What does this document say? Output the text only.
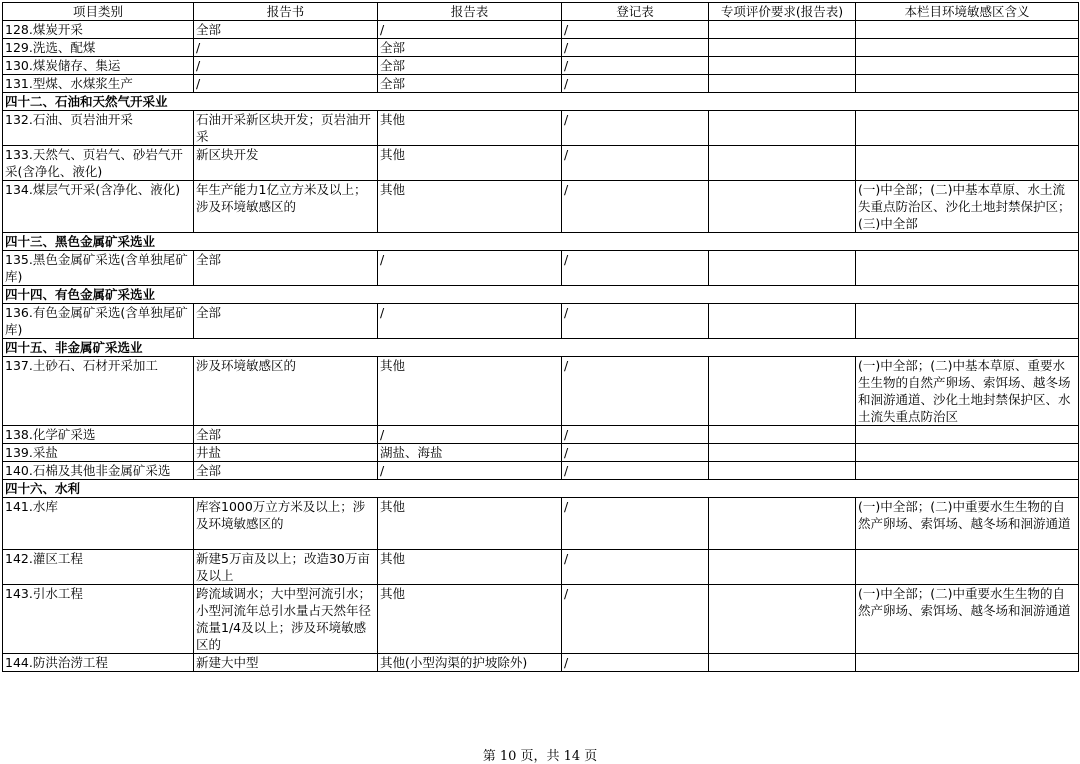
项目类别	报告书	报告表	登记表	专项评价要求(报告表)	本栏目环境敏感区含义
128.煤炭开采	全部	/	/		
129.洗选、配煤	/	全部	/		
130.煤炭储存、集运	/	全部	/		
131.型煤、水煤浆生产	/	全部	/		
四十二、石油和天然气开采业					
132.石油、页岩油开采	石油开采新区块开发；页岩油开采	其他	/		
133.天然气、页岩气、砂岩气开采(含净化、液化)	新区块开发	其他	/		
134.煤层气开采(含净化、液化)	年生产能力1亿立方米及以上；涉及环境敏感区的	其他	/		(一)中全部；(二)中基本草原、水土流失重点防治区、沙化土地封禁保护区；(三)中全部
四十三、黑色金属矿采选业					
135.黑色金属矿采选(含单独尾矿库)	全部	/	/		
四十四、有色金属矿采选业					
136.有色金属矿采选(含单独尾矿库)	全部	/	/		
四十五、非金属矿采选业					
137.土砂石、石材开采加工	涉及环境敏感区的	其他	/		(一)中全部；(二)中基本草原、重要水生生物的自然产卵场、索饵场、越冬场和洄游通道、沙化土地封禁保护区、水土流失重点防治区
138.化学矿采选	全部	/	/		
139.采盐	井盐	湖盐、海盐	/		
140.石棉及其他非金属矿采选	全部	/	/		
四十六、水利					
141.水库	库容1000万立方米及以上；涉及环境敏感区的	其他	/		(一)中全部；(二)中重要水生生物的自然产卵场、索饵场、越冬场和洄游通道
142.灌区工程	新建5万亩及以上；改造30万亩及以上	其他	/		
143.引水工程	跨流域调水；大中型河流引水；小型河流年总引水量占天然年径流量1/4及以上；涉及环境敏感区的	其他	/		(一)中全部；(二)中重要水生生物的自然产卵场、索饵场、越冬场和洄游通道
144.防洪治涝工程	新建大中型	其他(小型沟渠的护坡除外)	/		
第 10 页，共 14 页
